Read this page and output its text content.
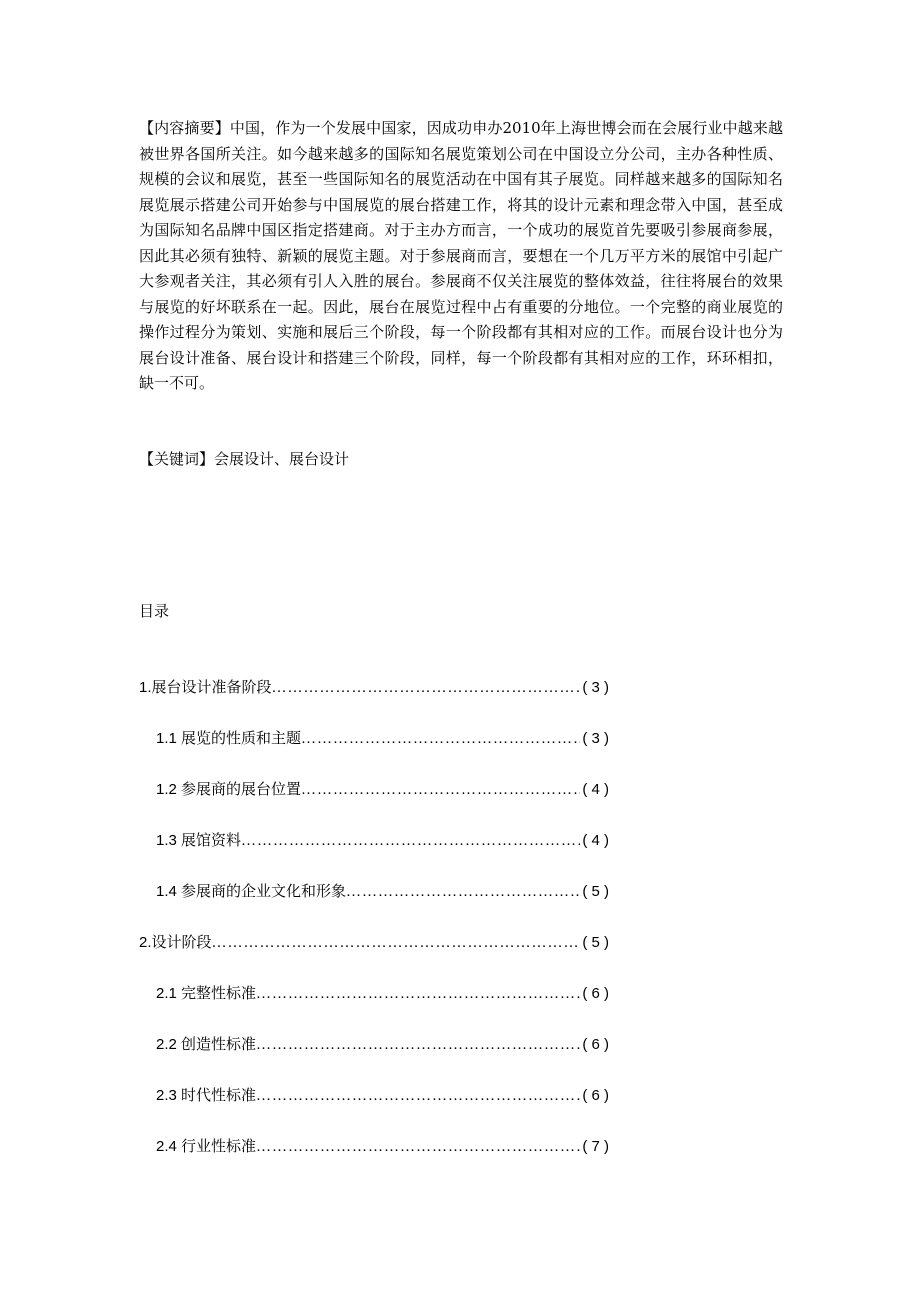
【内容摘要】中国，作为一个发展中国家，因成功申办2010年上海世博会而在会展行业中越来越被世界各国所关注。如今越来越多的国际知名展览策划公司在中国设立分公司，主办各种性质、规模的会议和展览，甚至一些国际知名的展览活动在中国有其子展览。同样越来越多的国际知名展览展示搭建公司开始参与中国展览的展台搭建工作，将其的设计元素和理念带入中国，甚至成为国际知名品牌中国区指定搭建商。对于主办方而言，一个成功的展览首先要吸引参展商参展，因此其必须有独特、新颖的展览主题。对于参展商而言，要想在一个几万平方米的展馆中引起广大参观者关注，其必须有引人入胜的展台。参展商不仅关注展览的整体效益，往往将展台的效果与展览的好坏联系在一起。因此，展台在展览过程中占有重要的分地位。一个完整的商业展览的操作过程分为策划、实施和展后三个阶段，每一个阶段都有其相对应的工作。而展台设计也分为展台设计准备、展台设计和搭建三个阶段，同样，每一个阶段都有其相对应的工作，环环相扣，缺一不可。

【关键词】会展设计、展台设计

目录

1.展台设计准备阶段 ……………………………………………………………………………………………………………………………………………………………………………………	( 3 )
1.1 展览的性质和主题 ……………………………………………………………………………………………………………………………………………………………………………………	( 3 )
1.2 参展商的展台位置 ……………………………………………………………………………………………………………………………………………………………………………………	( 4 )
1.3 展馆资料 ……………………………………………………………………………………………………………………………………………………………………………………	( 4 )
1.4 参展商的企业文化和形象 ……………………………………………………………………………………………………………………………………………………………………………………	( 5 )
2.设计阶段 ……………………………………………………………………………………………………………………………………………………………………………………	( 5 )
2.1 完整性标准 ……………………………………………………………………………………………………………………………………………………………………………………	( 6 )
2.2 创造性标准 ……………………………………………………………………………………………………………………………………………………………………………………	( 6 )
2.3 时代性标准 ……………………………………………………………………………………………………………………………………………………………………………………	( 6 )
2.4 行业性标准 ……………………………………………………………………………………………………………………………………………………………………………………	( 7 )
